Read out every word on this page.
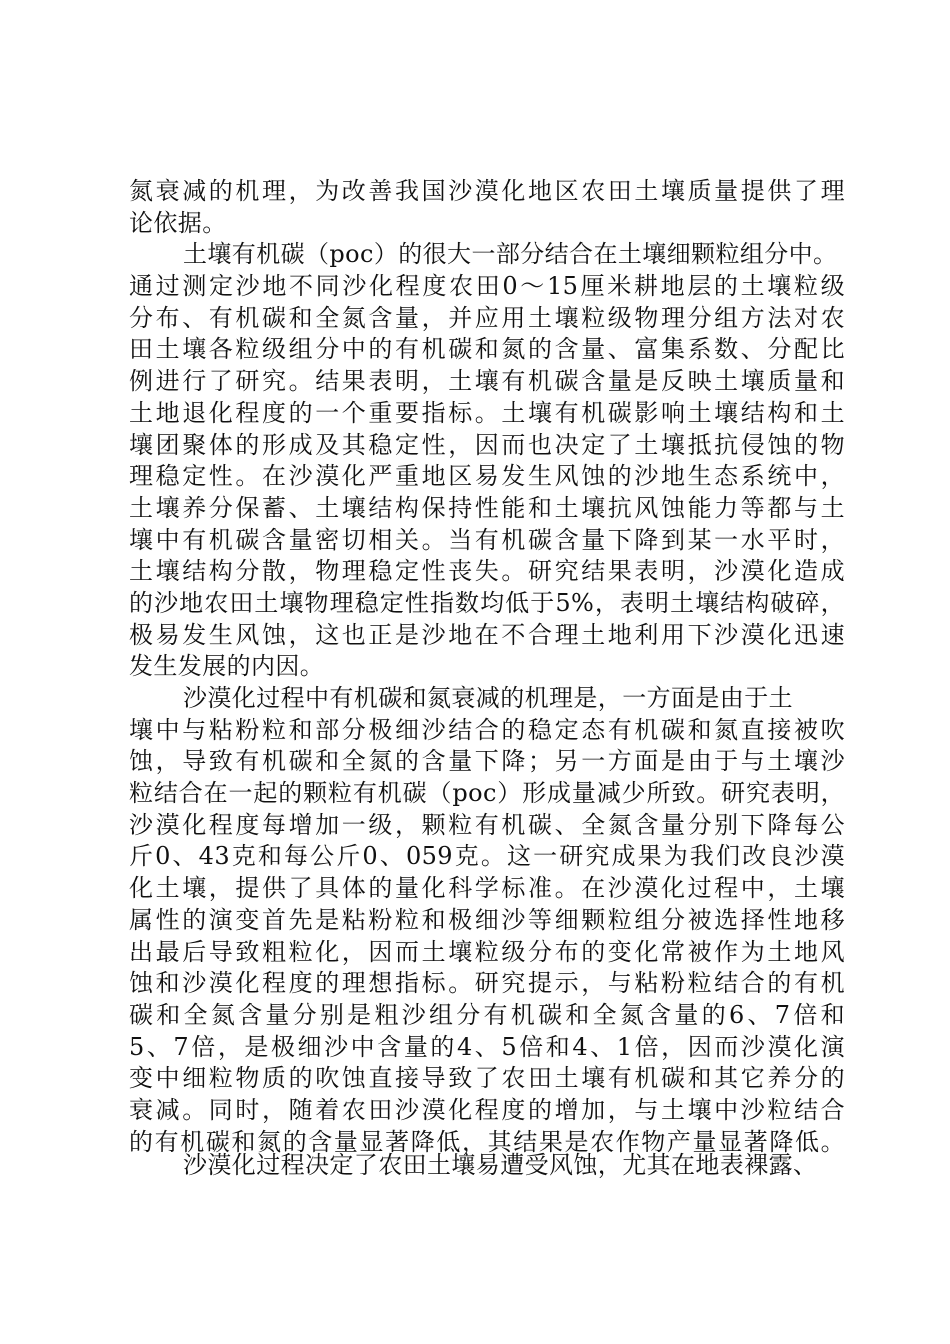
氮衰减的机理，为改善我国沙漠化地区农田土壤质量提供了理
论依据。
土壤有机碳（poc）的很大一部分结合在土壤细颗粒组分中。
通过测定沙地不同沙化程度农田0～15厘米耕地层的土壤粒级
分布、有机碳和全氮含量，并应用土壤粒级物理分组方法对农
田土壤各粒级组分中的有机碳和氮的含量、富集系数、分配比
例进行了研究。结果表明，土壤有机碳含量是反映土壤质量和
土地退化程度的一个重要指标。土壤有机碳影响土壤结构和土
壤团聚体的形成及其稳定性，因而也决定了土壤抵抗侵蚀的物
理稳定性。在沙漠化严重地区易发生风蚀的沙地生态系统中，
土壤养分保蓄、土壤结构保持性能和土壤抗风蚀能力等都与土
壤中有机碳含量密切相关。当有机碳含量下降到某一水平时，
土壤结构分散，物理稳定性丧失。研究结果表明，沙漠化造成
的沙地农田土壤物理稳定性指数均低于5%，表明土壤结构破碎，
极易发生风蚀，这也正是沙地在不合理土地利用下沙漠化迅速
发生发展的内因。
沙漠化过程中有机碳和氮衰减的机理是，一方面是由于土
壤中与粘粉粒和部分极细沙结合的稳定态有机碳和氮直接被吹
蚀，导致有机碳和全氮的含量下降；另一方面是由于与土壤沙
粒结合在一起的颗粒有机碳（poc）形成量减少所致。研究表明，
沙漠化程度每增加一级，颗粒有机碳、全氮含量分别下降每公
斤0、43克和每公斤0、059克。这一研究成果为我们改良沙漠
化土壤，提供了具体的量化科学标准。在沙漠化过程中，土壤
属性的演变首先是粘粉粒和极细沙等细颗粒组分被选择性地移
出最后导致粗粒化，因而土壤粒级分布的变化常被作为土地风
蚀和沙漠化程度的理想指标。研究提示，与粘粉粒结合的有机
碳和全氮含量分别是粗沙组分有机碳和全氮含量的6、7倍和
5、7倍，是极细沙中含量的4、5倍和4、1倍，因而沙漠化演
变中细粒物质的吹蚀直接导致了农田土壤有机碳和其它养分的
衰减。同时，随着农田沙漠化程度的增加，与土壤中沙粒结合
的有机碳和氮的含量显著降低，其结果是农作物产量显著降低。
沙漠化过程决定了农田土壤易遭受风蚀，尤其在地表裸露、
